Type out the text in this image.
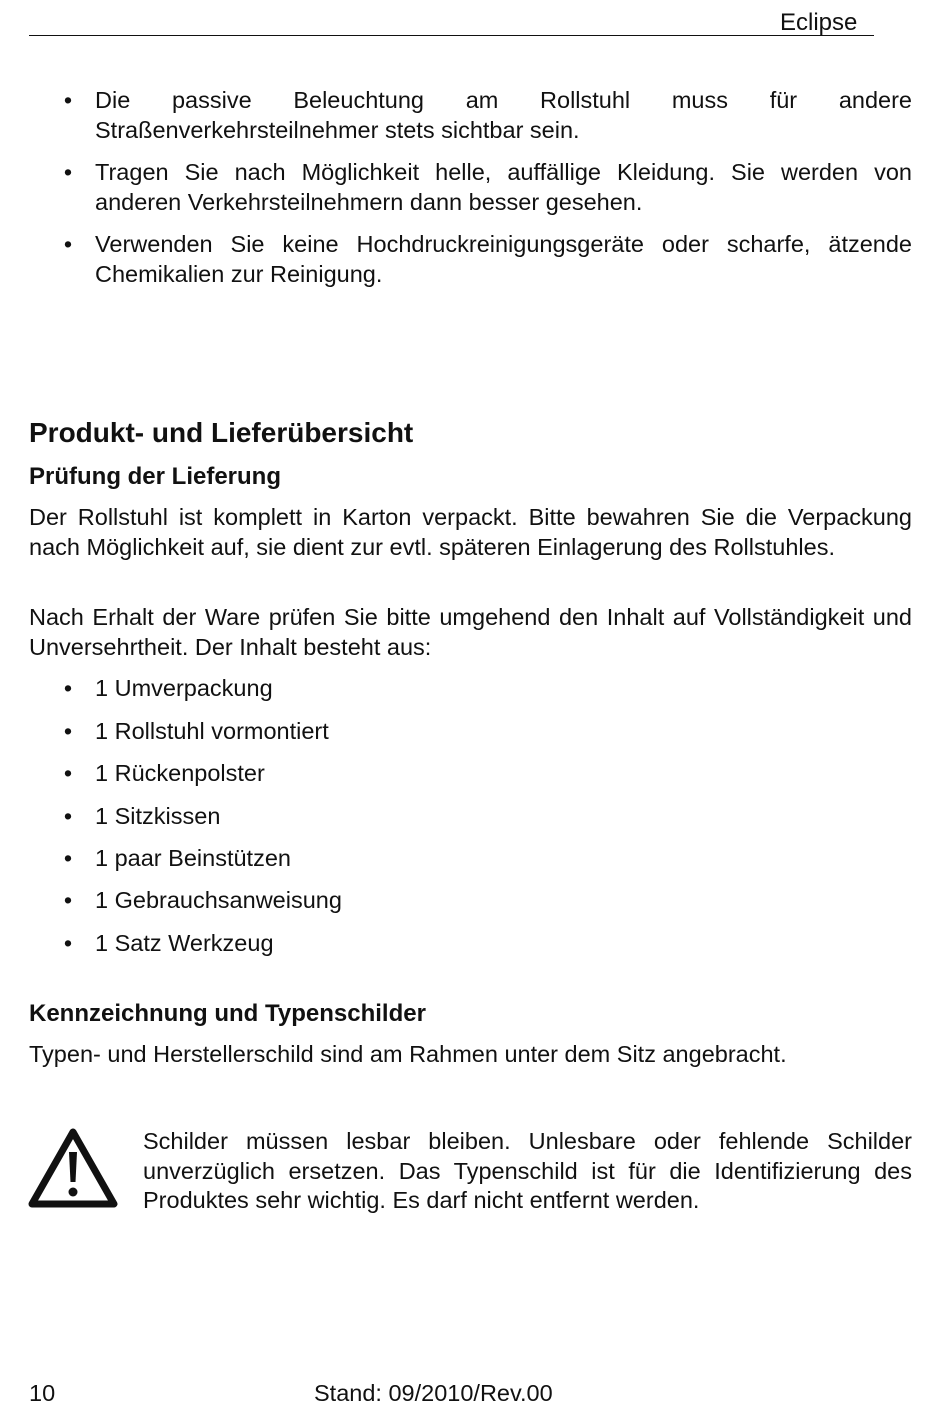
Eclipse
• Die passive Beleuchtung am Rollstuhl muss für andere Straßenverkehrsteilnehmer stets sichtbar sein.

• Tragen Sie nach Möglichkeit helle, auffällige Kleidung. Sie werden von anderen Verkehrsteilnehmern dann besser gesehen.

• Verwenden Sie keine Hochdruckreinigungsgeräte oder scharfe, ätzende Chemikalien zur Reinigung.

Produkt- und Lieferübersicht
Prüfung der Lieferung

Der Rollstuhl ist komplett in Karton verpackt. Bitte bewahren Sie die Verpackung nach Möglichkeit auf, sie dient zur evtl. späteren Einlagerung des Rollstuhles.

Nach Erhalt der Ware prüfen Sie bitte umgehend den Inhalt auf Vollständigkeit und Unversehrtheit. Der Inhalt besteht aus:

• 1 Umverpackung

• 1 Rollstuhl vormontiert

• 1 Rückenpolster

• 1 Sitzkissen

• 1 paar Beinstützen

• 1 Gebrauchsanweisung

• 1 Satz Werkzeug

Kennzeichnung und Typenschilder

Typen- und Herstellerschild sind am Rahmen unter dem Sitz angebracht.

Schilder müssen lesbar bleiben. Unlesbare oder fehlende Schilder unverzüglich ersetzen. Das Typenschild ist für die Identifizierung des Produktes sehr wichtig. Es darf nicht entfernt werden.

10	Stand: 09/2010/Rev.00
